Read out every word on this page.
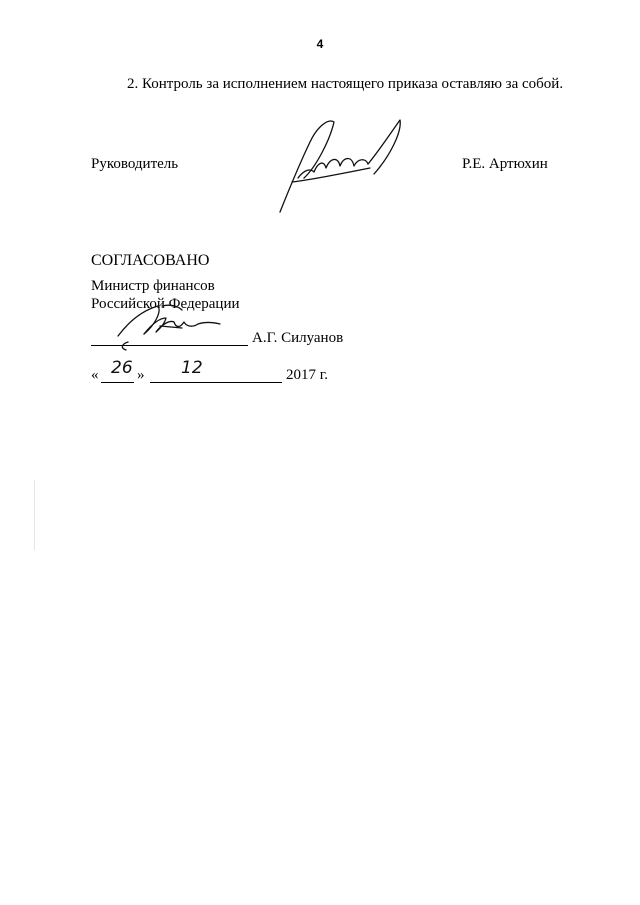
4
2. Контроль за исполнением настоящего приказа оставляю за собой.
Руководитель	Р.Е. Артюхин
СОГЛАСОВАНО
Министр финансов
Российской Федерации
А.Г. Силуанов
« 26 » 12	2017 г.
